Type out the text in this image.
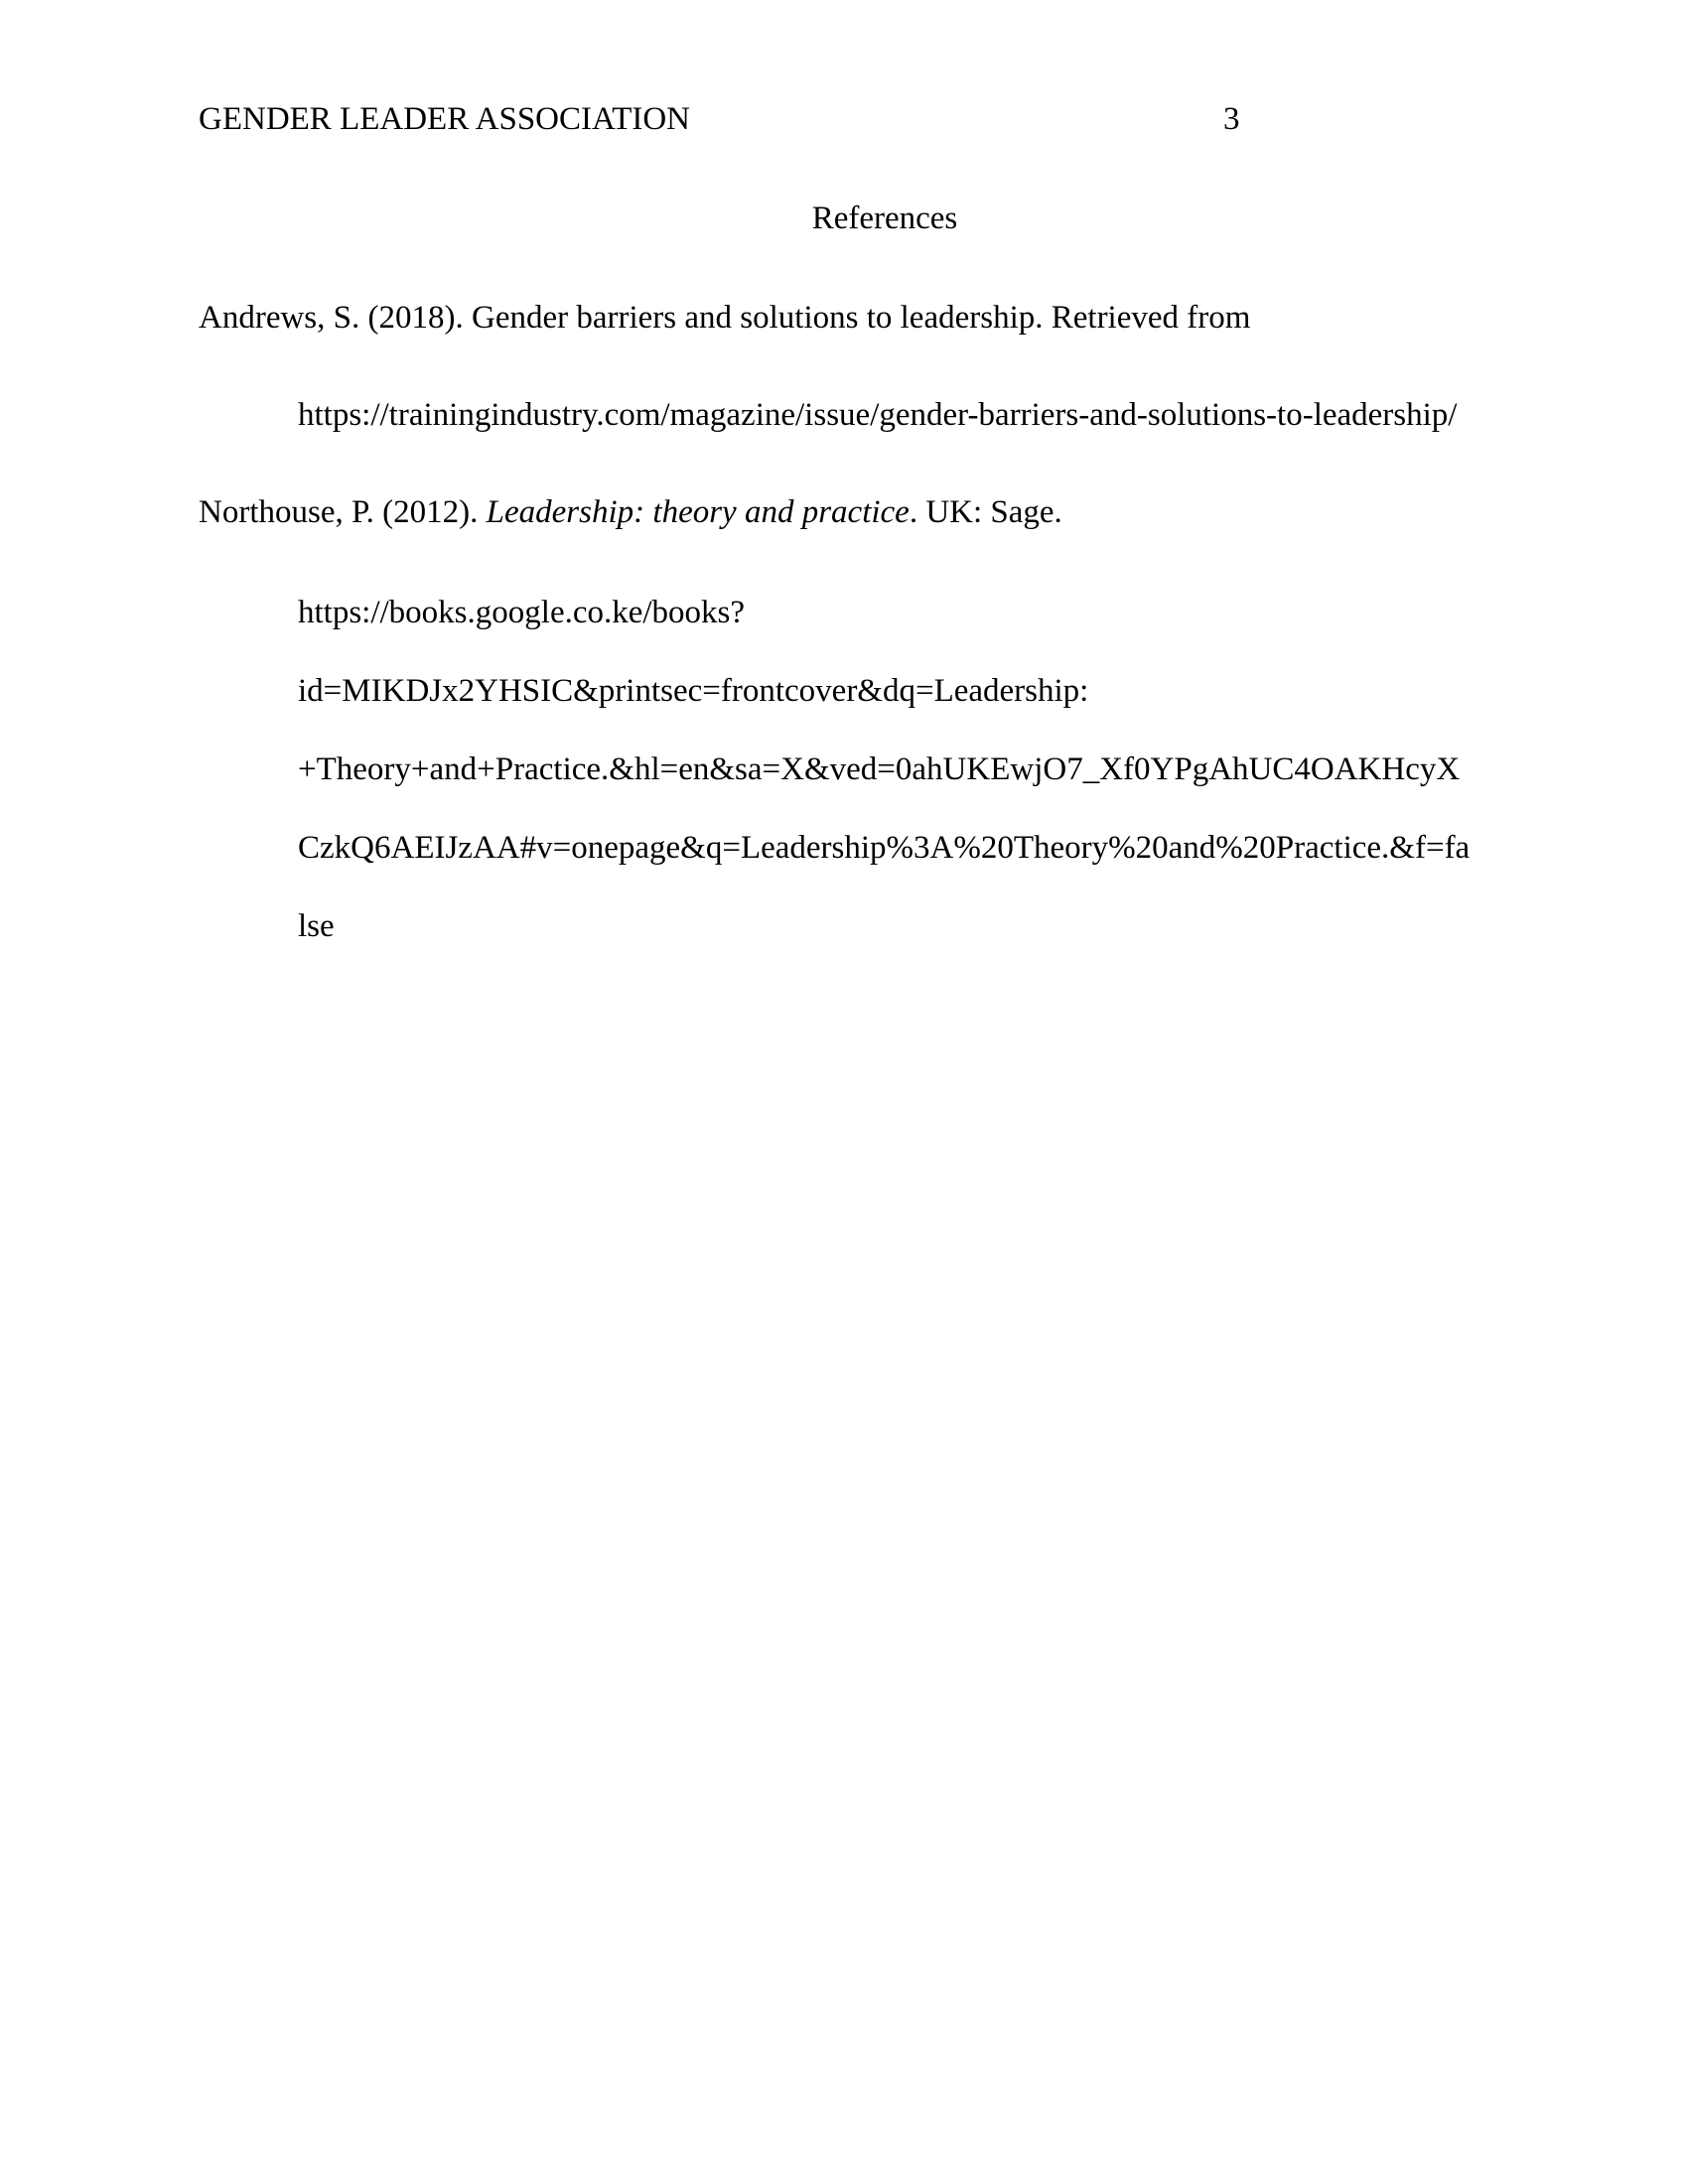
GENDER LEADER ASSOCIATION	3
References
Andrews, S. (2018). Gender barriers and solutions to leadership. Retrieved from
https://trainingindustry.com/magazine/issue/gender-barriers-and-solutions-to-leadership/
Northouse, P. (2012). Leadership: theory and practice. UK: Sage.
https://books.google.co.ke/books?
id=MIKDJx2YHSIC&printsec=frontcover&dq=Leadership:
+Theory+and+Practice.&hl=en&sa=X&ved=0ahUKEwjO7_Xf0YPgAhUC4OAKHcyX
CzkQ6AEIJzAA#v=onepage&q=Leadership%3A%20Theory%20and%20Practice.&f=fa
lse
